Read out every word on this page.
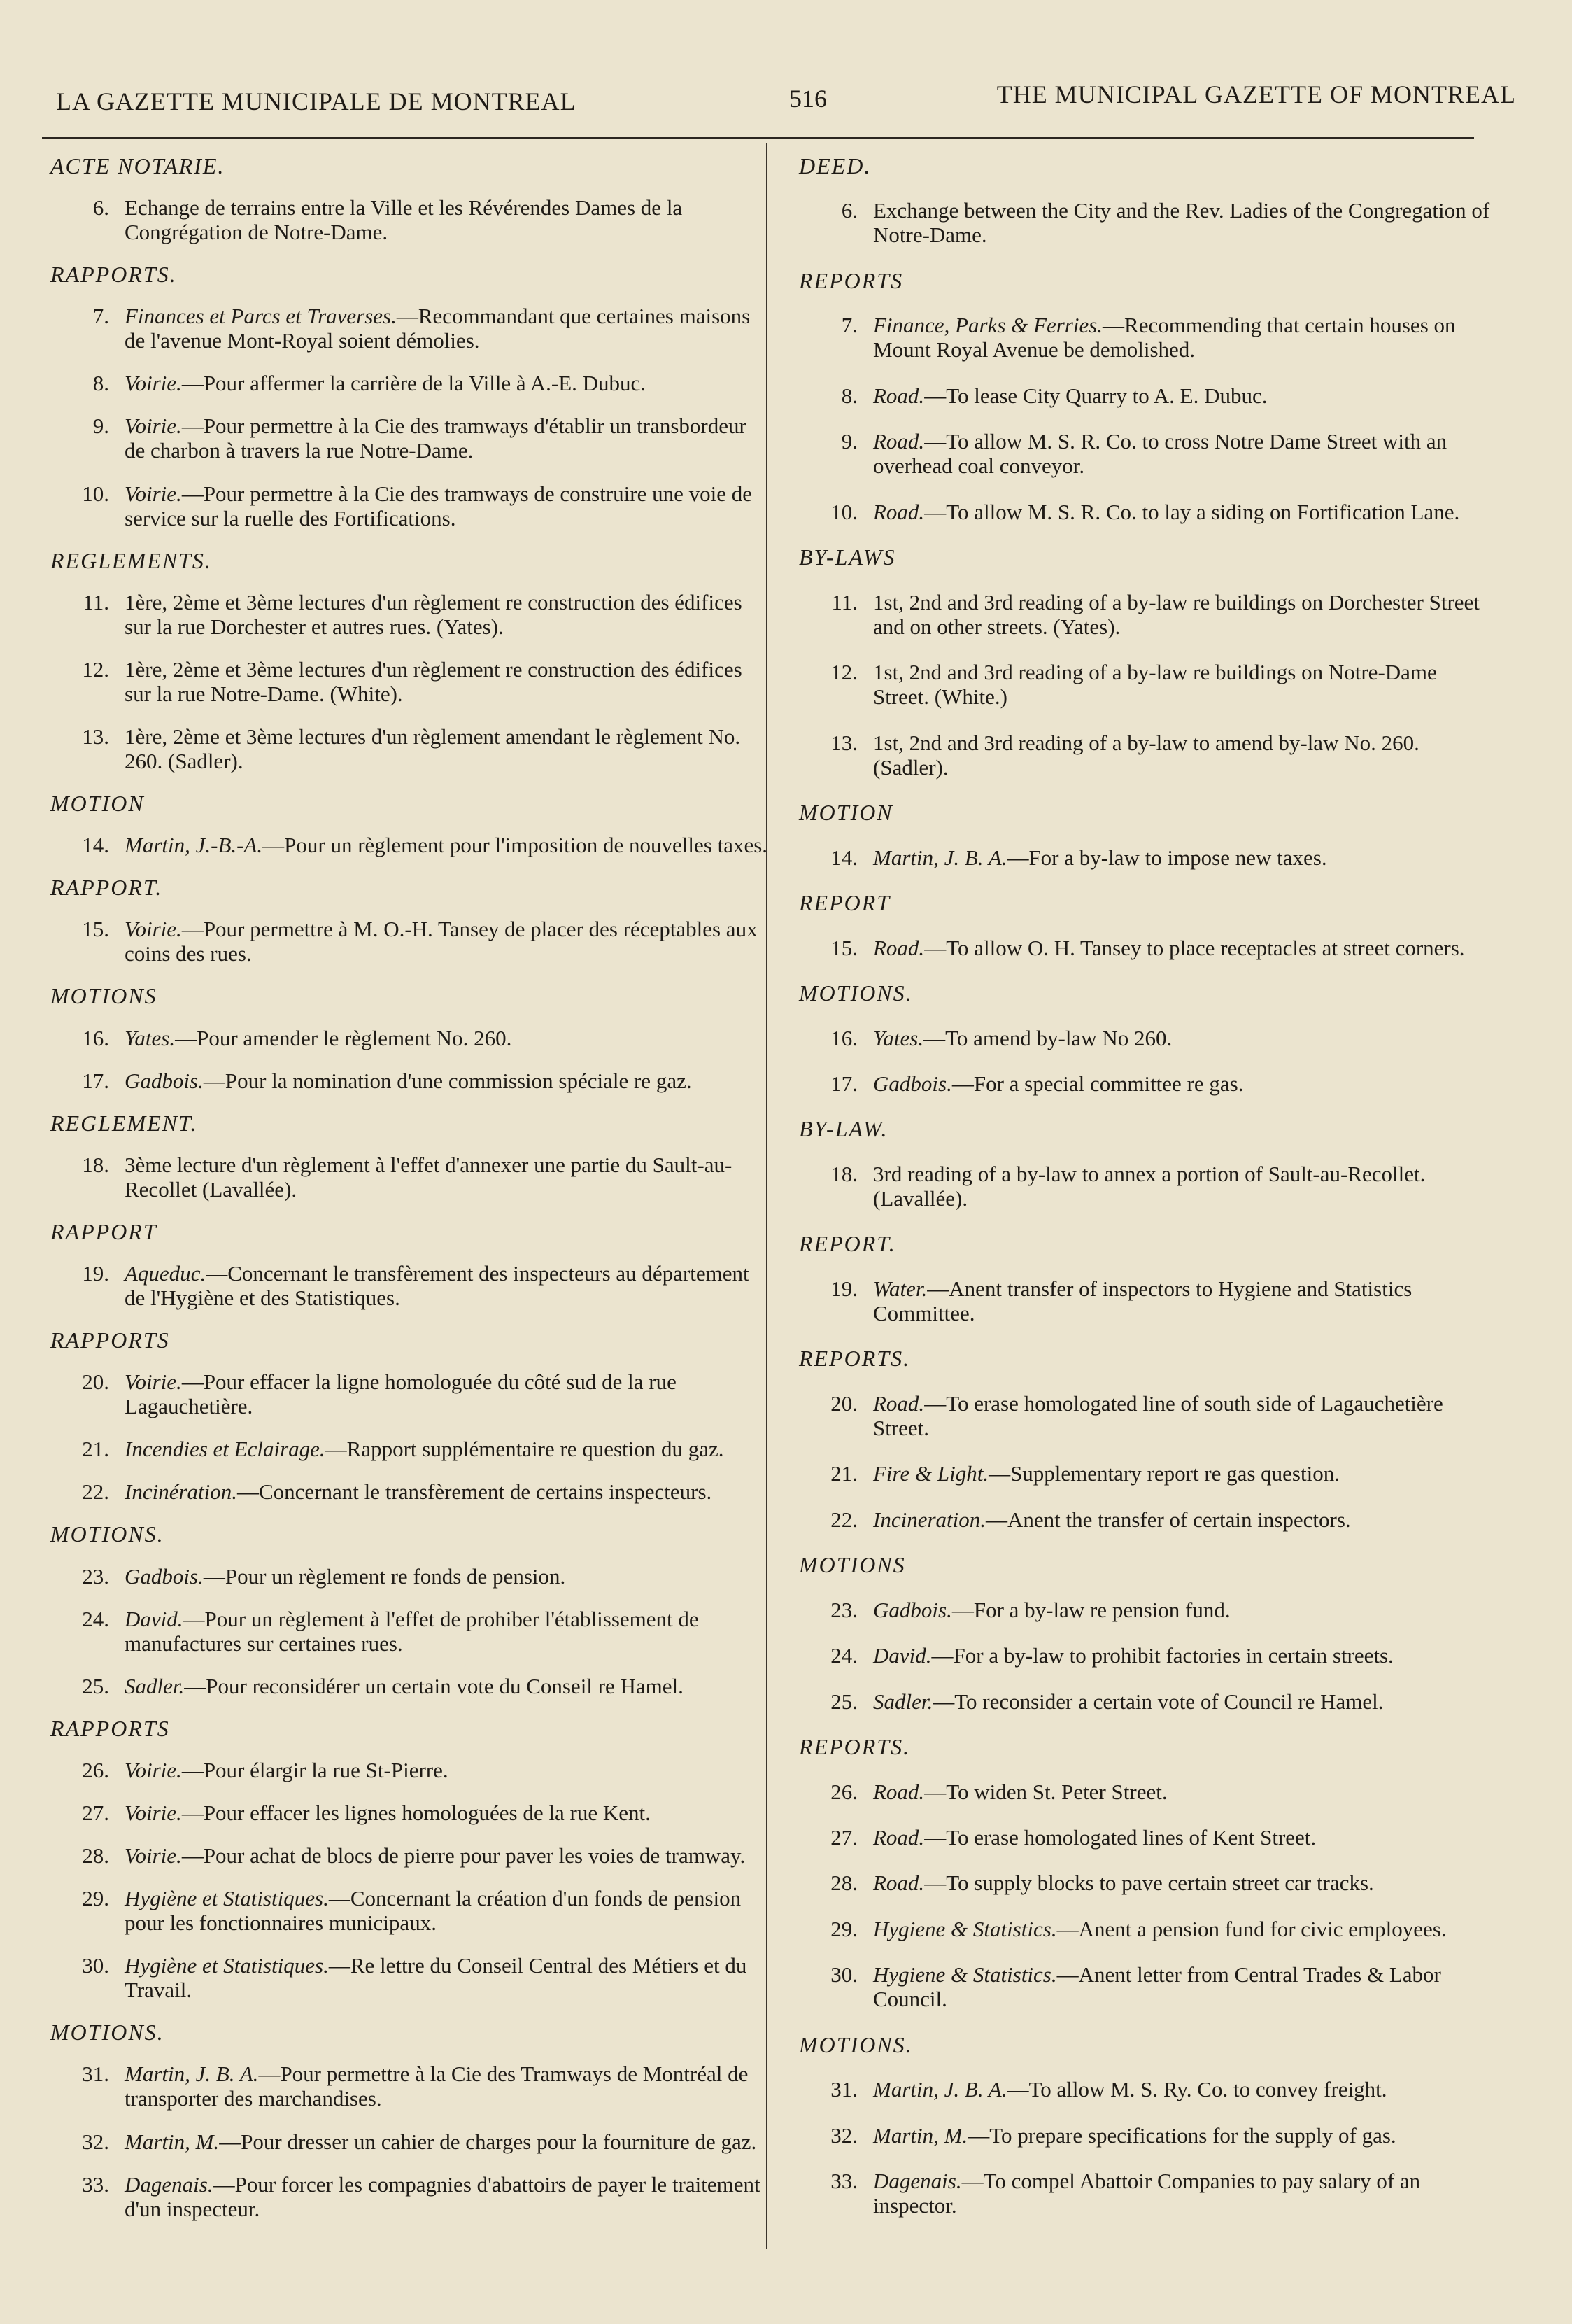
LA GAZETTE MUNICIPALE DE MONTREAL	516	THE MUNICIPAL GAZETTE OF MONTREAL
ACTE NOTARIE.
6. Echange de terrains entre la Ville et les Révérendes Dames de la Congrégation de Notre-Dame.
RAPPORTS.
7. Finances et Parcs et Traverses.—Recommandant que certaines maisons de l'avenue Mont-Royal soient démolies.
8. Voirie.—Pour affermer la carrière de la Ville à A.-E. Dubuc.
9. Voirie.—Pour permettre à la Cie des tramways d'établir un transbordeur de charbon à travers la rue Notre-Dame.
10. Voirie.—Pour permettre à la Cie des tramways de construire une voie de service sur la ruelle des Fortifications.
REGLEMENTS.
11. 1ère, 2ème et 3ème lectures d'un règlement re construction des édifices sur la rue Dorchester et autres rues. (Yates).
12. 1ère, 2ème et 3ème lectures d'un règlement re construction des édifices sur la rue Notre-Dame. (White).
13. 1ère, 2ème et 3ème lectures d'un règlement amendant le règlement No. 260. (Sadler).
MOTION
14. Martin, J.-B.-A.—Pour un règlement pour l'imposition de nouvelles taxes.
RAPPORT.
15. Voirie.—Pour permettre à M. O.-H. Tansey de placer des réceptables aux coins des rues.
MOTIONS
16. Yates.—Pour amender le règlement No. 260.
17. Gadbois.—Pour la nomination d'une commission spéciale re gaz.
REGLEMENT.
18. 3ème lecture d'un règlement à l'effet d'annexer une partie du Sault-au-Recollet (Lavallée).
RAPPORT
19. Aqueduc.—Concernant le transfèrement des inspecteurs au département de l'Hygiène et des Statistiques.
RAPPORTS
20. Voirie.—Pour effacer la ligne homologuée du côté sud de la rue Lagauchetière.
21. Incendies et Eclairage.—Rapport supplémentaire re question du gaz.
22. Incinération.—Concernant le transfèrement de certains inspecteurs.
MOTIONS.
23. Gadbois.—Pour un règlement re fonds de pension.
24. David.—Pour un règlement à l'effet de prohiber l'établissement de manufactures sur certaines rues.
25. Sadler.—Pour reconsidérer un certain vote du Conseil re Hamel.
RAPPORTS
26. Voirie.—Pour élargir la rue St-Pierre.
27. Voirie.—Pour effacer les lignes homologuées de la rue Kent.
28. Voirie.—Pour achat de blocs de pierre pour paver les voies de tramway.
29. Hygiène et Statistiques.—Concernant la création d'un fonds de pension pour les fonctionnaires municipaux.
30. Hygiène et Statistiques.—Re lettre du Conseil Central des Métiers et du Travail.
MOTIONS.
31. Martin, J. B. A.—Pour permettre à la Cie des Tramways de Montréal de transporter des marchandises.
32. Martin, M.—Pour dresser un cahier de charges pour la fourniture de gaz.
33. Dagenais.—Pour forcer les compagnies d'abattoirs de payer le traitement d'un inspecteur.
DEED.
6. Exchange between the City and the Rev. Ladies of the Congregation of Notre-Dame.
REPORTS
7. Finance, Parks & Ferries.—Recommending that certain houses on Mount Royal Avenue be demolished.
8. Road.—To lease City Quarry to A. E. Dubuc.
9. Road.—To allow M. S. R. Co. to cross Notre Dame Street with an overhead coal conveyor.
10. Road.—To allow M. S. R. Co. to lay a siding on Fortification Lane.
BY-LAWS
11. 1st, 2nd and 3rd reading of a by-law re buildings on Dorchester Street and on other streets. (Yates).
12. 1st, 2nd and 3rd reading of a by-law re buildings on Notre-Dame Street. (White.)
13. 1st, 2nd and 3rd reading of a by-law to amend by-law No. 260. (Sadler).
MOTION
14. Martin, J. B. A.—For a by-law to impose new taxes.
REPORT
15. Road.—To allow O. H. Tansey to place receptacles at street corners.
MOTIONS.
16. Yates.—To amend by-law No 260.
17. Gadbois.—For a special committee re gas.
BY-LAW.
18. 3rd reading of a by-law to annex a portion of Sault-au-Recollet. (Lavallée).
REPORT.
19. Water.—Anent transfer of inspectors to Hygiene and Statistics Committee.
REPORTS.
20. Road.—To erase homologated line of south side of Lagauchetière Street.
21. Fire & Light.—Supplementary report re gas question.
22. Incineration.—Anent the transfer of certain inspectors.
MOTIONS
23. Gadbois.—For a by-law re pension fund.
24. David.—For a by-law to prohibit factories in certain streets.
25. Sadler.—To reconsider a certain vote of Council re Hamel.
REPORTS.
26. Road.—To widen St. Peter Street.
27. Road.—To erase homologated lines of Kent Street.
28. Road.—To supply blocks to pave certain street car tracks.
29. Hygiene & Statistics.—Anent a pension fund for civic employees.
30. Hygiene & Statistics.—Anent letter from Central Trades & Labor Council.
MOTIONS.
31. Martin, J. B. A.—To allow M. S. Ry. Co. to convey freight.
32. Martin, M.—To prepare specifications for the supply of gas.
33. Dagenais.—To compel Abattoir Companies to pay salary of an inspector.
